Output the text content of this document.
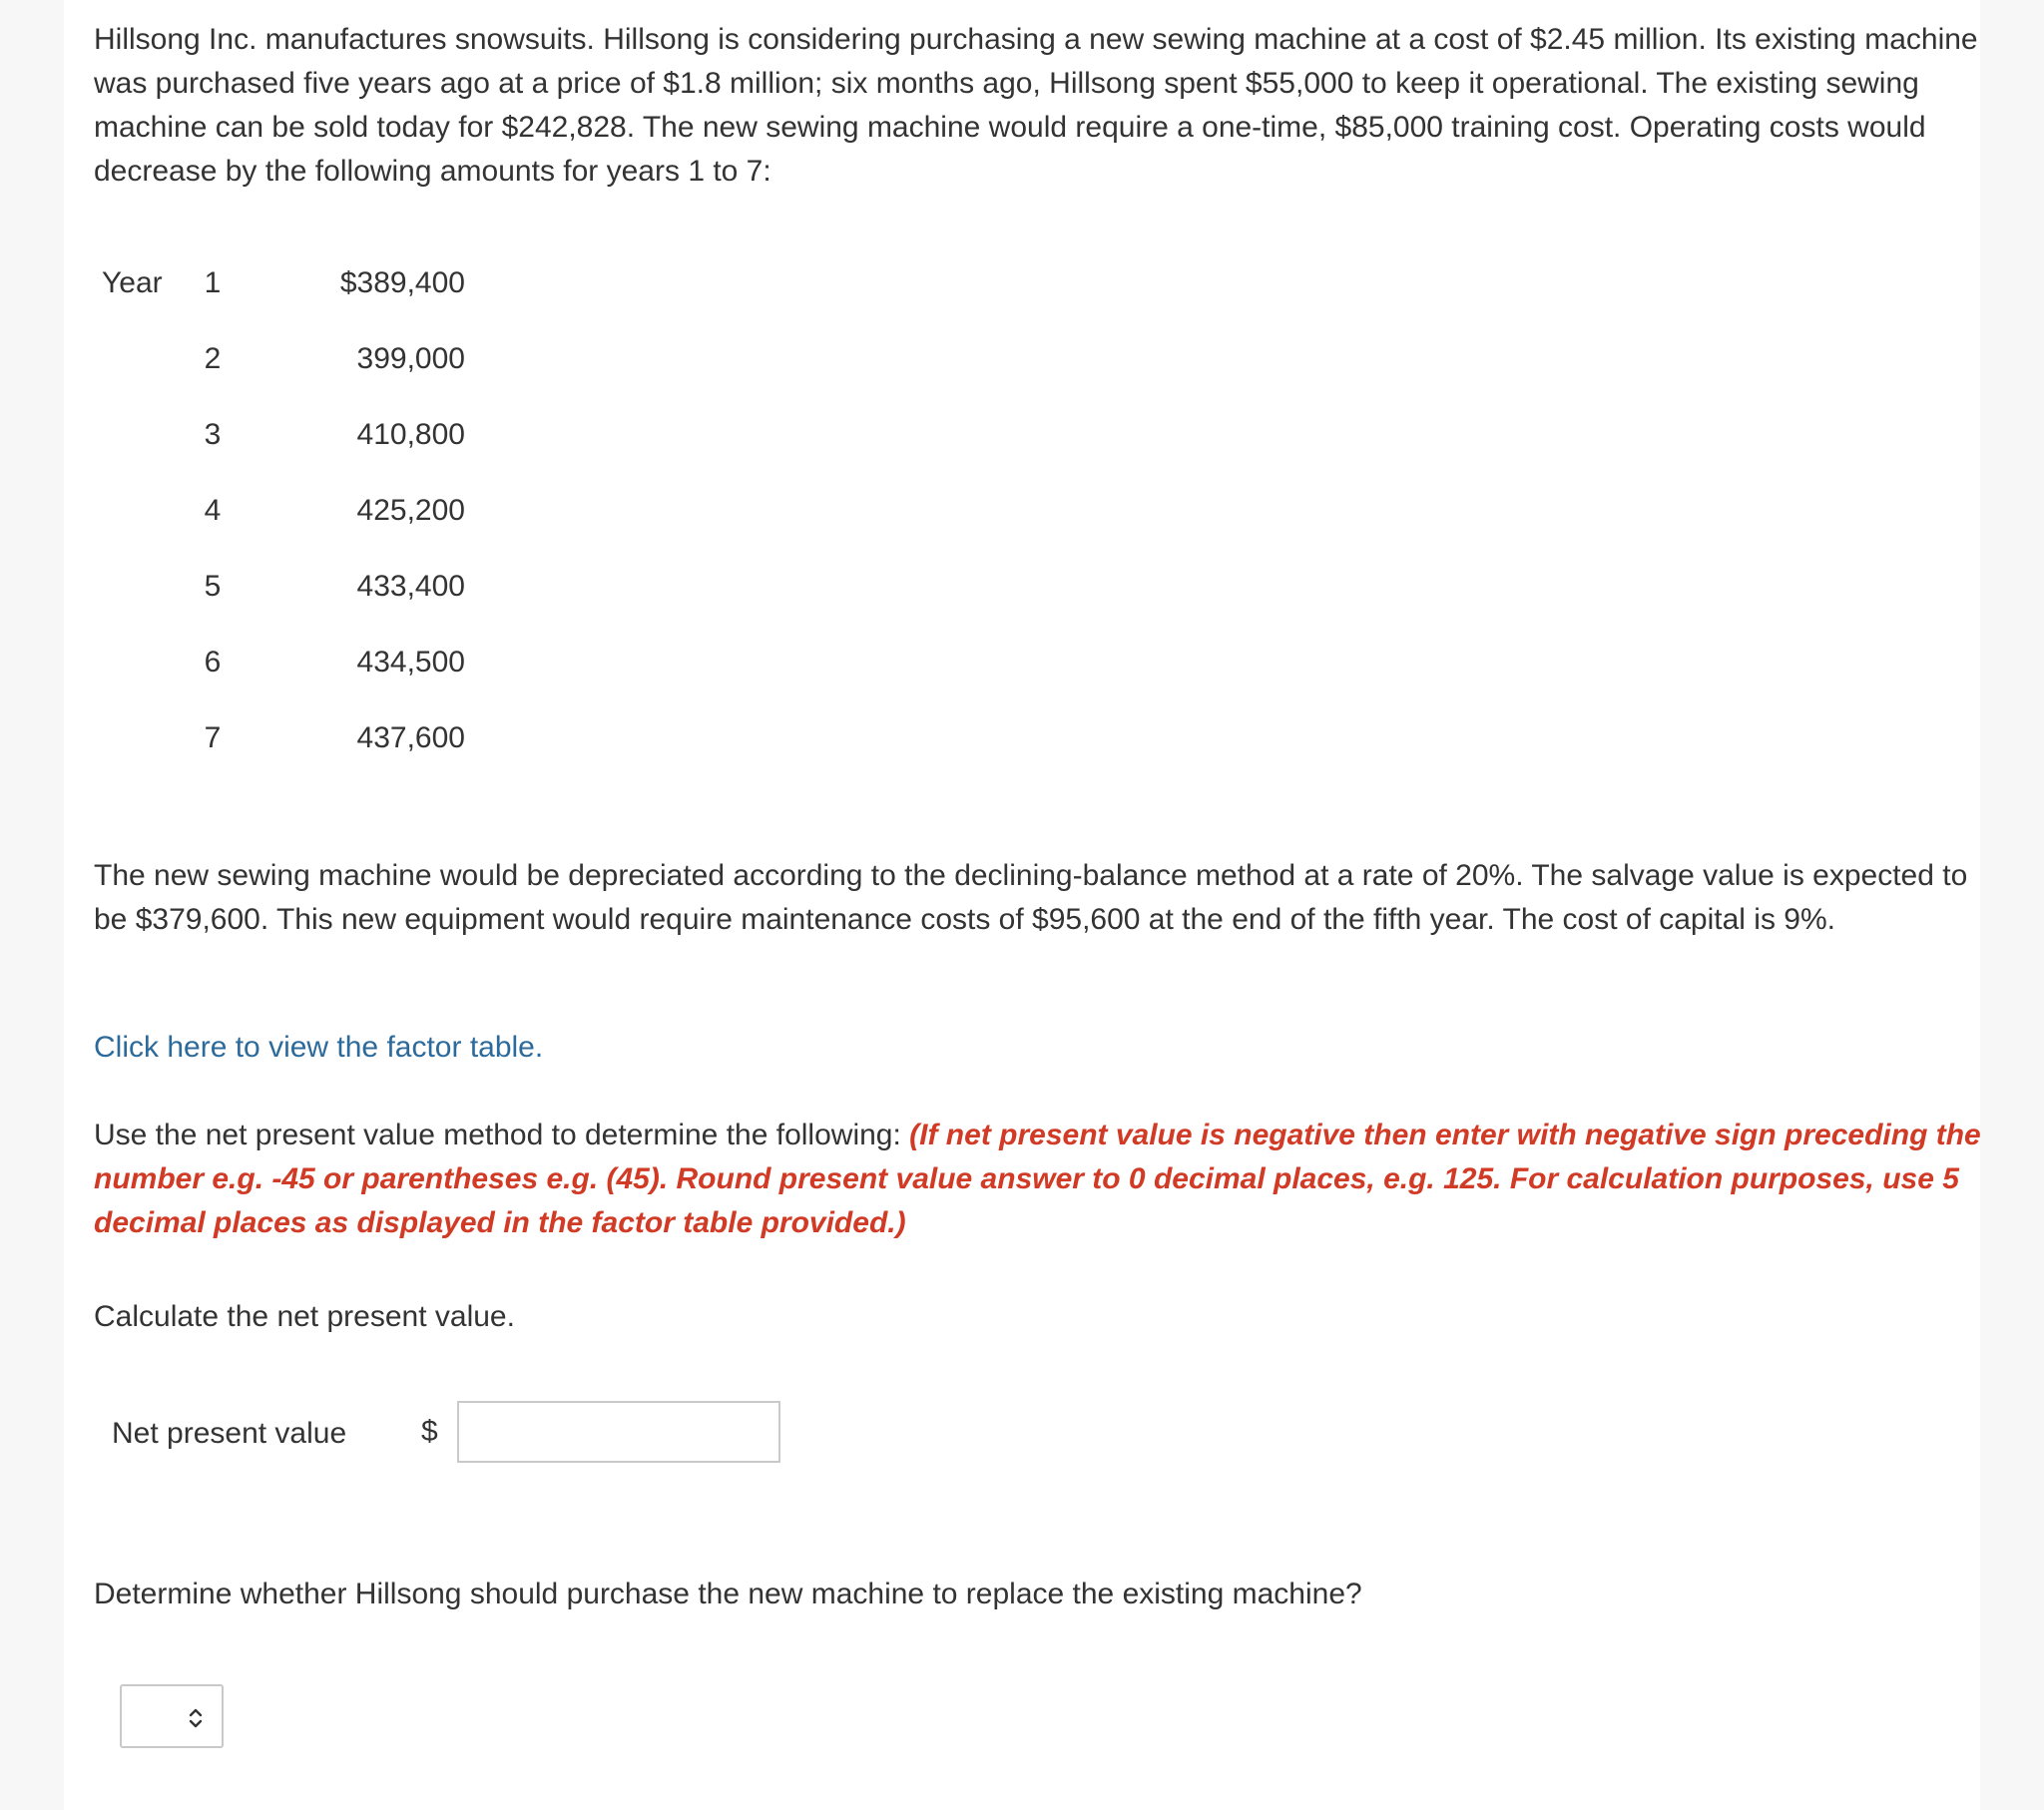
Hillsong Inc. manufactures snowsuits. Hillsong is considering purchasing a new sewing machine at a cost of $2.45 million. Its existing machine was purchased five years ago at a price of $1.8 million; six months ago, Hillsong spent $55,000 to keep it operational. The existing sewing machine can be sold today for $242,828. The new sewing machine would require a one-time, $85,000 training cost. Operating costs would decrease by the following amounts for years 1 to 7:

Year	1	$389,400
	2	399,000
	3	410,800
	4	425,200
	5	433,400
	6	434,500
	7	437,600

The new sewing machine would be depreciated according to the declining-balance method at a rate of 20%. The salvage value is expected to be $379,600. This new equipment would require maintenance costs of $95,600 at the end of the fifth year. The cost of capital is 9%.

Click here to view the factor table.

Use the net present value method to determine the following: (If net present value is negative then enter with negative sign preceding the number e.g. -45 or parentheses e.g. (45). Round present value answer to 0 decimal places, e.g. 125. For calculation purposes, use 5 decimal places as displayed in the factor table provided.)

Calculate the net present value.

Net present value $

Determine whether Hillsong should purchase the new machine to replace the existing machine?
